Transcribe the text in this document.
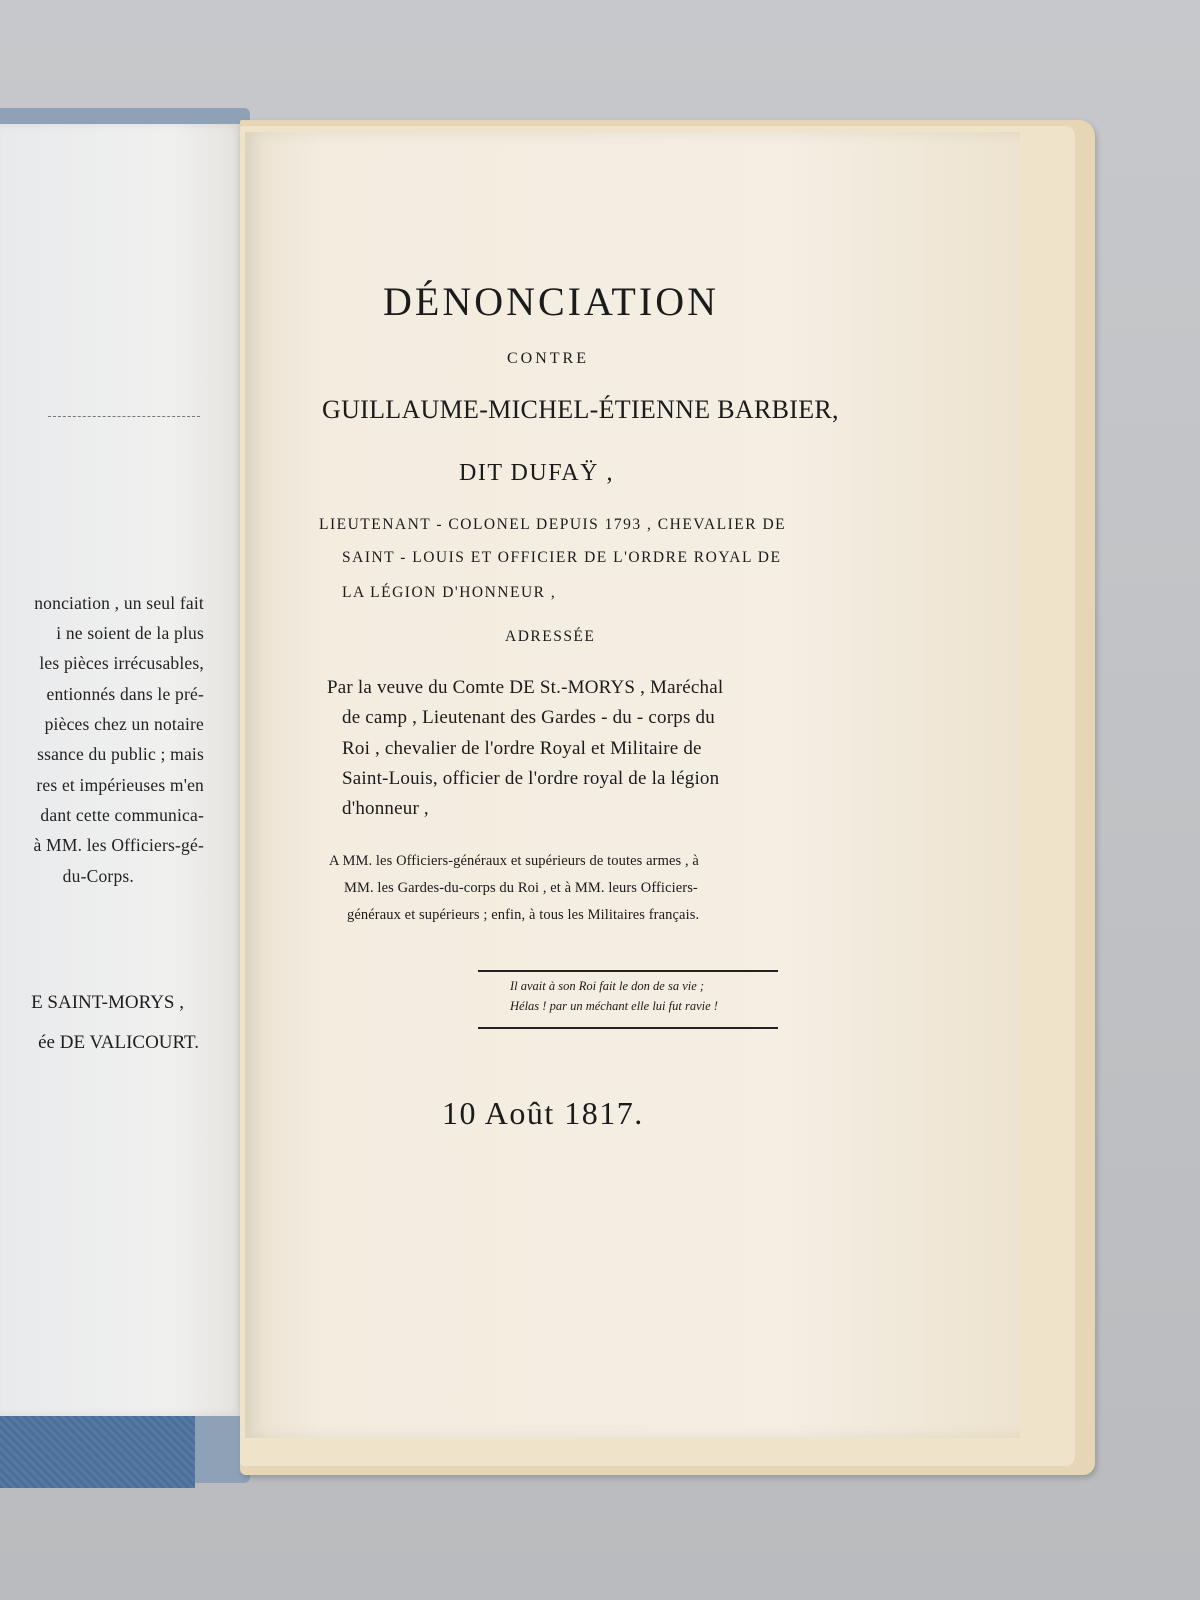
nonciation , un seul fait

i ne soient de la plus

les pièces irrécusables,

entionnés dans le pré-

pièces chez un notaire

ssance du public ; mais

res et impérieuses m'en

dant cette communica-

à MM. les Officiers-gé-

du-Corps.

E SAINT-MORYS ,

ée DE VALICOURT.

DÉNONCIATION

CONTRE

GUILLAUME-MICHEL-ÉTIENNE BARBIER,

DIT DUFAŸ ,

LIEUTENANT - COLONEL DEPUIS 1793 , CHEVALIER DE

SAINT - LOUIS ET OFFICIER DE L'ORDRE ROYAL DE

LA LÉGION D'HONNEUR ,

ADRESSÉE

Par la veuve du Comte DE St.-MORYS , Maréchal

de camp , Lieutenant des Gardes - du - corps du

Roi , chevalier de l'ordre Royal et Militaire de

Saint-Louis, officier de l'ordre royal de la légion

d'honneur ,

A MM. les Officiers-généraux et supérieurs de toutes armes , à

MM. les Gardes-du-corps du Roi , et à MM. leurs Officiers-

généraux et supérieurs ; enfin, à tous les Militaires français.

Il avait à son Roi fait le don de sa vie ;

Hélas ! par un méchant elle lui fut ravie !

10 Août 1817.
